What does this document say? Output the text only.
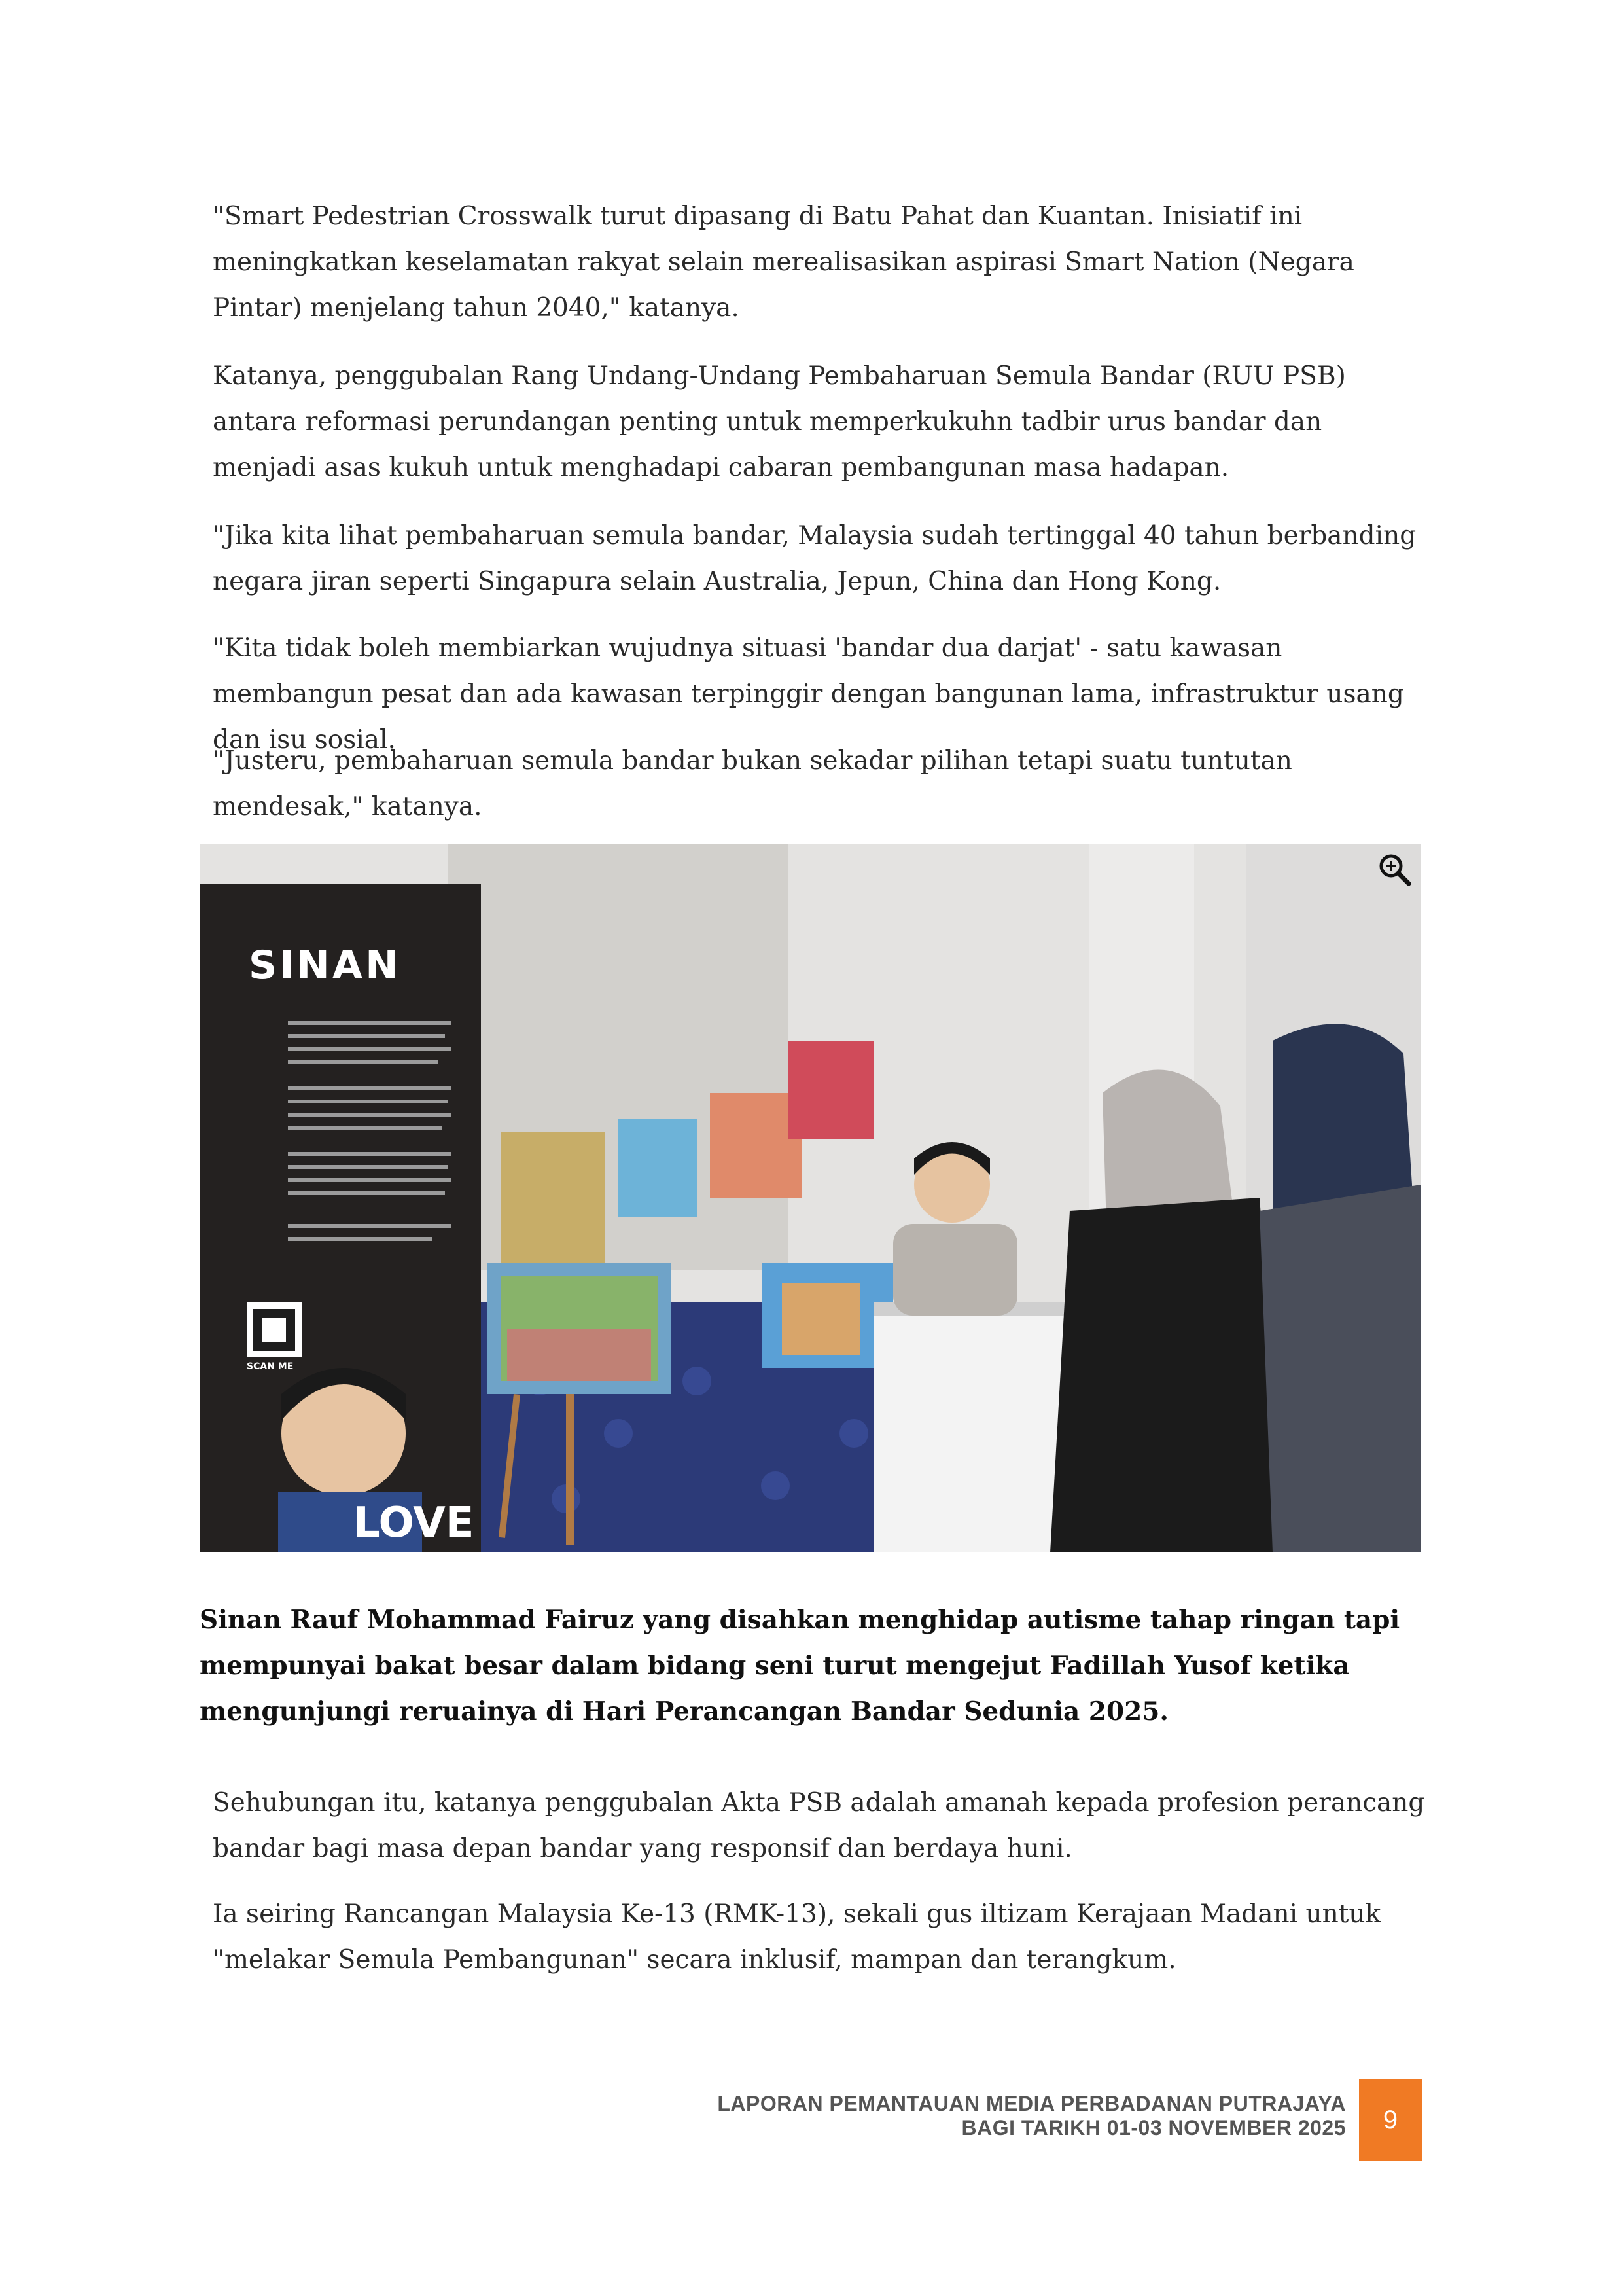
"Smart Pedestrian Crosswalk turut dipasang di Batu Pahat dan Kuantan. Inisiatif ini meningkatkan keselamatan rakyat selain merealisasikan aspirasi Smart Nation (Negara Pintar) menjelang tahun 2040," katanya.
Katanya, penggubalan Rang Undang-Undang Pembaharuan Semula Bandar (RUU PSB) antara reformasi perundangan penting untuk memperkukuhn tadbir urus bandar dan menjadi asas kukuh untuk menghadapi cabaran pembangunan masa hadapan.
"Jika kita lihat pembaharuan semula bandar, Malaysia sudah tertinggal 40 tahun berbanding negara jiran seperti Singapura selain Australia, Jepun, China dan Hong Kong.
"Kita tidak boleh membiarkan wujudnya situasi 'bandar dua darjat' - satu kawasan membangun pesat dan ada kawasan terpinggir dengan bangunan lama, infrastruktur usang dan isu sosial.
"Justeru, pembaharuan semula bandar bukan sekadar pilihan tetapi suatu tuntutan mendesak," katanya.
SINAN
SCAN ME
LOVE
Sinan Rauf Mohammad Fairuz yang disahkan menghidap autisme tahap ringan tapi mempunyai bakat besar dalam bidang seni turut mengejut Fadillah Yusof ketika mengunjungi reruainya di Hari Perancangan Bandar Sedunia 2025.
Sehubungan itu, katanya penggubalan Akta PSB adalah amanah kepada profesion perancang bandar bagi masa depan bandar yang responsif dan berdaya huni.
Ia seiring Rancangan Malaysia Ke-13 (RMK-13), sekali gus iltizam Kerajaan Madani untuk "melakar Semula Pembangunan" secara inklusif, mampan dan terangkum.
LAPORAN PEMANTAUAN MEDIA PERBADANAN PUTRAJAYA
BAGI TARIKH 01-03 NOVEMBER 2025 9
